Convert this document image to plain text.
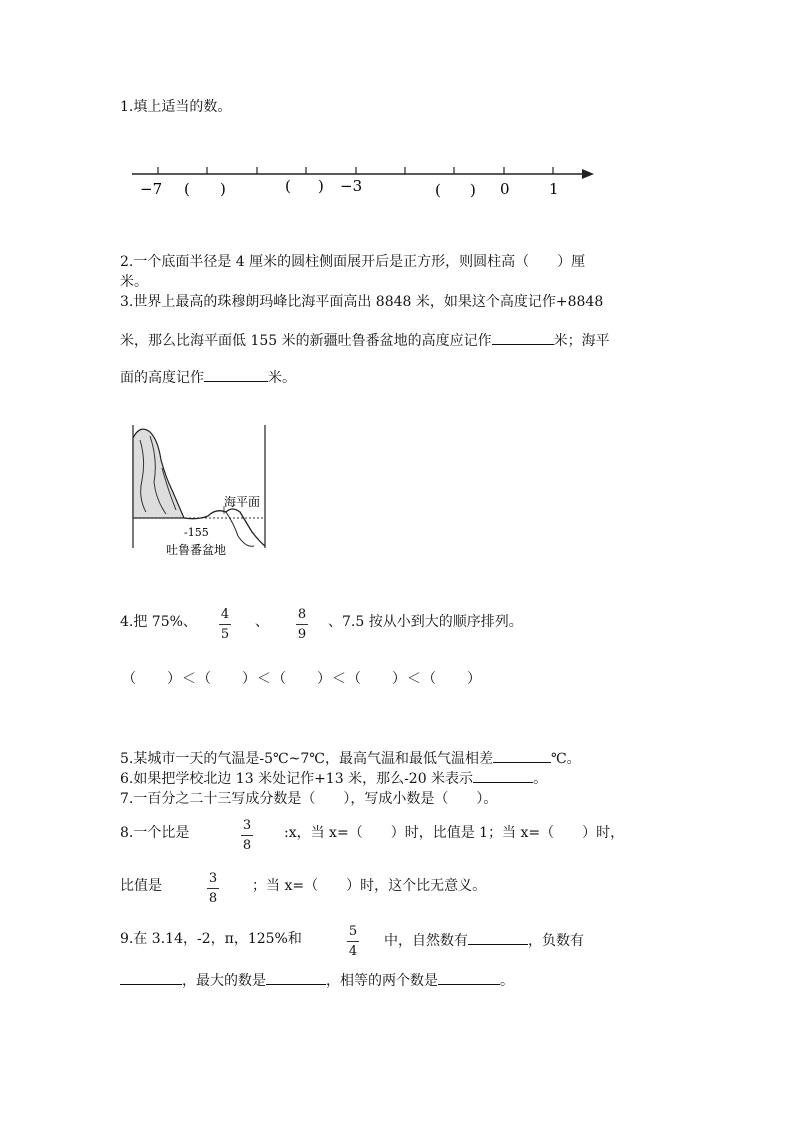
1.填上适当的数。
−7 ( )	( ) −3	( ) 0	1
2.一个底面半径是 4 厘米的圆柱侧面展开后是正方形，则圆柱高（　　）厘
米。
3.世界上最高的珠穆朗玛峰比海平面高出 8848 米，如果这个高度记作+8848
米，那么比海平面低 155 米的新疆吐鲁番盆地的高度应记作	米；海平
面的高度记作	米。
海平面
-155
吐鲁番盆地
4.把 75%、 4
5
、 8
9
、7.5 按从小到大的顺序排列。
（　　）＜（　　）＜（　　）＜（　　）＜（　　）
5.某城市一天的气温是-5℃~7℃，最高气温和最低气温相差	℃。
6.如果把学校北边 13 米处记作+13 米，那么-20 米表示	。
7.一百分之二十三写成分数是（　　），写成小数是（　　）。
8.一个比是	3
8
:x，当 x=（　　）时，比值是 1；当 x=（　　）时，
比值是	3
8
；当 x=（　　）时，这个比无意义。
9.在 3.14，-2，π，125%和	5
4
中，自然数有	，负数有
，最大的数是	，相等的两个数是	。
